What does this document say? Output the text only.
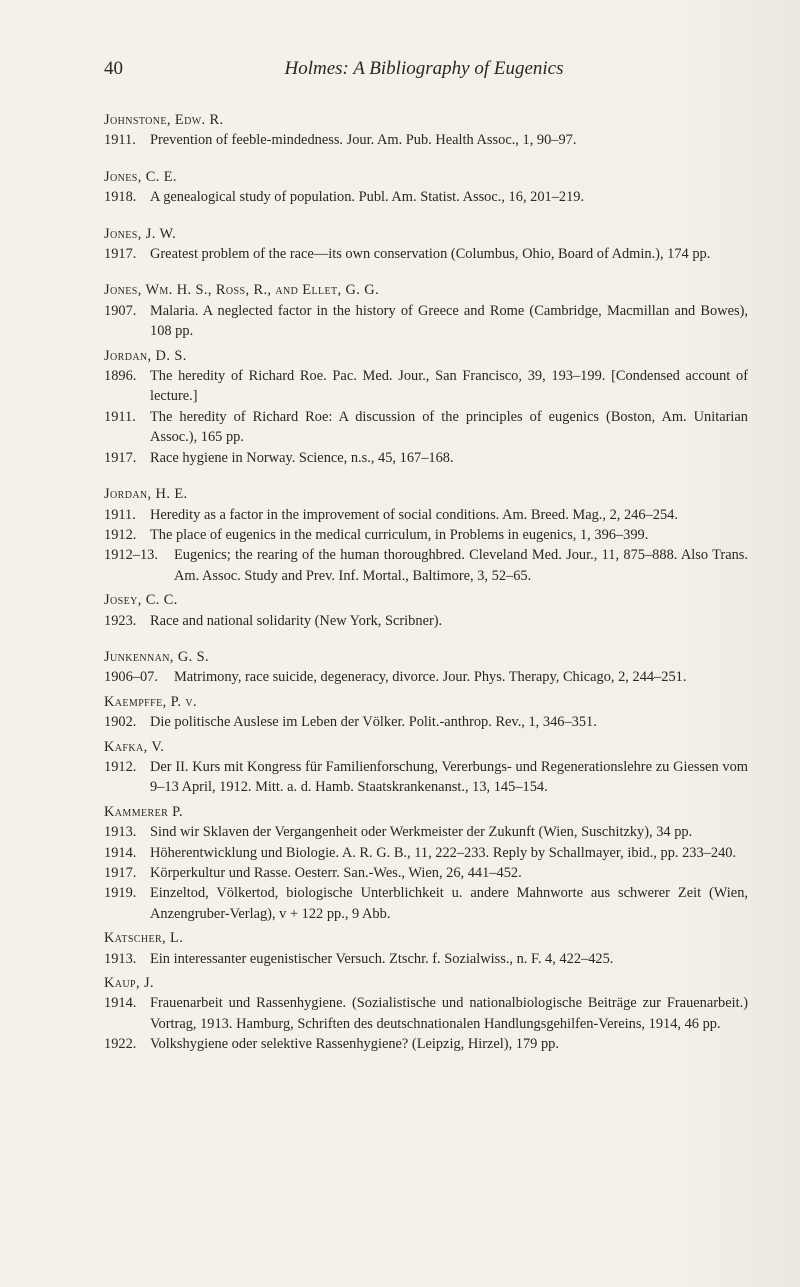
40	Holmes: A Bibliography of Eugenics
Johnstone, Edw. R.
1911. Prevention of feeble-mindedness. Jour. Am. Pub. Health Assoc., 1, 90–97.
Jones, C. E.
1918. A genealogical study of population. Publ. Am. Statist. Assoc., 16, 201–219.
Jones, J. W.
1917. Greatest problem of the race—its own conservation (Columbus, Ohio, Board of Admin.), 174 pp.
Jones, Wm. H. S., Ross, R., and Ellet, G. G.
1907. Malaria. A neglected factor in the history of Greece and Rome (Cambridge, Macmillan and Bowes), 108 pp.
Jordan, D. S.
1896. The heredity of Richard Roe. Pac. Med. Jour., San Francisco, 39, 193–199. [Condensed account of lecture.]
1911. The heredity of Richard Roe: A discussion of the principles of eugenics (Boston, Am. Unitarian Assoc.), 165 pp.
1917. Race hygiene in Norway. Science, n.s., 45, 167–168.
Jordan, H. E.
1911. Heredity as a factor in the improvement of social conditions. Am. Breed. Mag., 2, 246–254.
1912. The place of eugenics in the medical curriculum, in Problems in eugenics, 1, 396–399.
1912–13.	Eugenics; the rearing of the human thoroughbred. Cleveland Med. Jour., 11, 875–888. Also Trans. Am. Assoc. Study and Prev. Inf. Mortal., Baltimore, 3, 52–65.
Josey, C. C.
1923. Race and national solidarity (New York, Scribner).
Junkennan, G. S.
1906–07.	Matrimony, race suicide, degeneracy, divorce. Jour. Phys. Therapy, Chicago, 2, 244–251.
Kaempffe, P. v.
1902. Die politische Auslese im Leben der Völker. Polit.-anthrop. Rev., 1, 346–351.
Kafka, V.
1912. Der II. Kurs mit Kongress für Familienforschung, Vererbungs- und Regenerationslehre zu Giessen vom 9–13 April, 1912. Mitt. a. d. Hamb. Staatskrankenanst., 13, 145–154.
Kammerer P.
1913. Sind wir Sklaven der Vergangenheit oder Werkmeister der Zukunft (Wien, Suschitzky), 34 pp.
1914. Höherentwicklung und Biologie. A. R. G. B., 11, 222–233. Reply by Schallmayer, ibid., pp. 233–240.
1917. Körperkultur und Rasse. Oesterr. San.-Wes., Wien, 26, 441–452.
1919. Einzeltod, Völkertod, biologische Unterblichkeit u. andere Mahnworte aus schwerer Zeit (Wien, Anzengruber-Verlag), v + 122 pp., 9 Abb.
Katscher, L.
1913. Ein interessanter eugenistischer Versuch. Ztschr. f. Sozialwiss., n. F. 4, 422–425.
Kaup, J.
1914. Frauenarbeit und Rassenhygiene. (Sozialistische und nationalbiologische Beiträge zur Frauenarbeit.) Vortrag, 1913. Hamburg, Schriften des deutschnationalen Handlungsgehilfen-Vereins, 1914, 46 pp.
1922. Volkshygiene oder selektive Rassenhygiene? (Leipzig, Hirzel), 179 pp.
